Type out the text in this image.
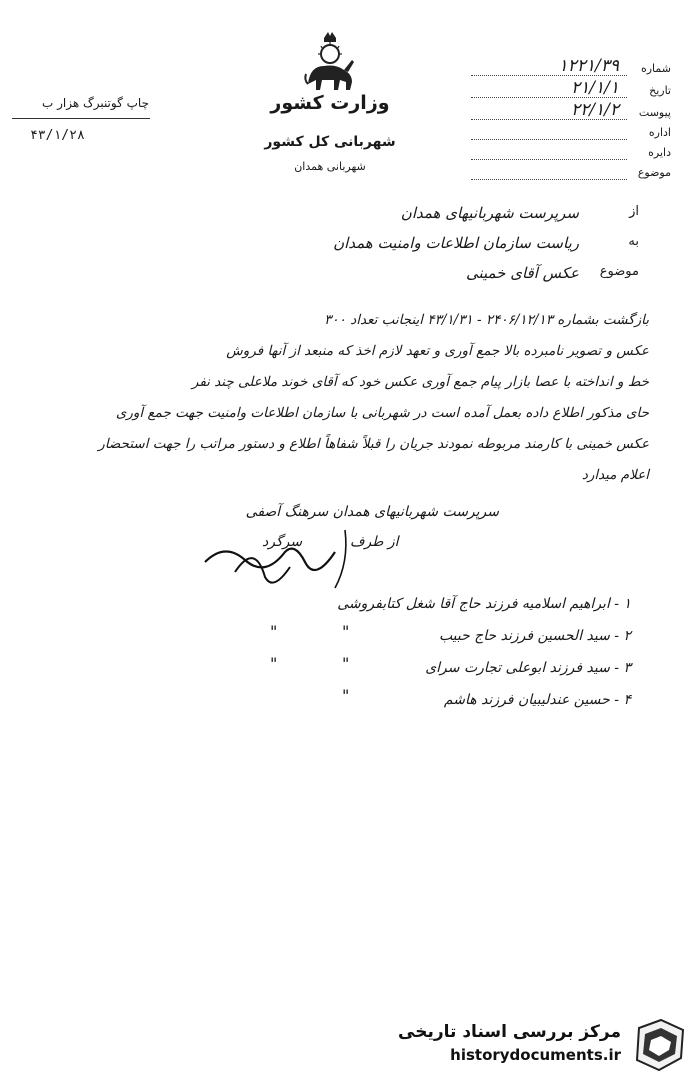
چاپ گوتنبرگ هزار ب
۴۳/۱/۲۸
وزارت کشور
شهربانی کل کشور
شهربانی همدان
شماره
۱۲۲۱/۳۹
تاریخ
۲۱/۱/۱
پیوست
۲۲/۱/۲
اداره
دایره
موضوع
از
سرپرست شهربانیهای همدان
به
ریاست سازمان اطلاعات وامنیت همدان
موضوع
عکس آقای خمینی
بازگشت بشماره ۲۴۰۶/۱۲/۱۳ - ۴۳/۱/۳۱ اینجانب تعداد ۳۰۰
عکس و تصویر نامبرده بالا جمع آوری و تعهد لازم اخذ که منبعد از آنها فروش
خط و انداخته با عصا بازار پیام جمع آوری عکس خود که آقای خوند ملاعلی چند نفر
حای مذکور اطلاع داده بعمل آمده است در شهربانی با سازمان اطلاعات وامنیت جهت جمع آوری
عکس خمینی با کارمند مربوطه نمودند جریان را قبلاً شفاهاً اطلاع و دستور مراتب را جهت استحضار
اعلام میدارد
سرپرست شهربانیهای همدان سرهنگ آصفی
از طرف
سرگرد
۱ - ابراهیم اسلامیه فرزند حاج آقا شغل کتابفروشی
۲ - سید الحسین فرزند حاج حبیب
۳ - سید فرزند ابوعلی تجارت سرای
۴ - حسین عندلیبیان فرزند هاشم
"
"
"
"
"
مرکز بررسی اسناد تاریخی
historydocuments.ir
